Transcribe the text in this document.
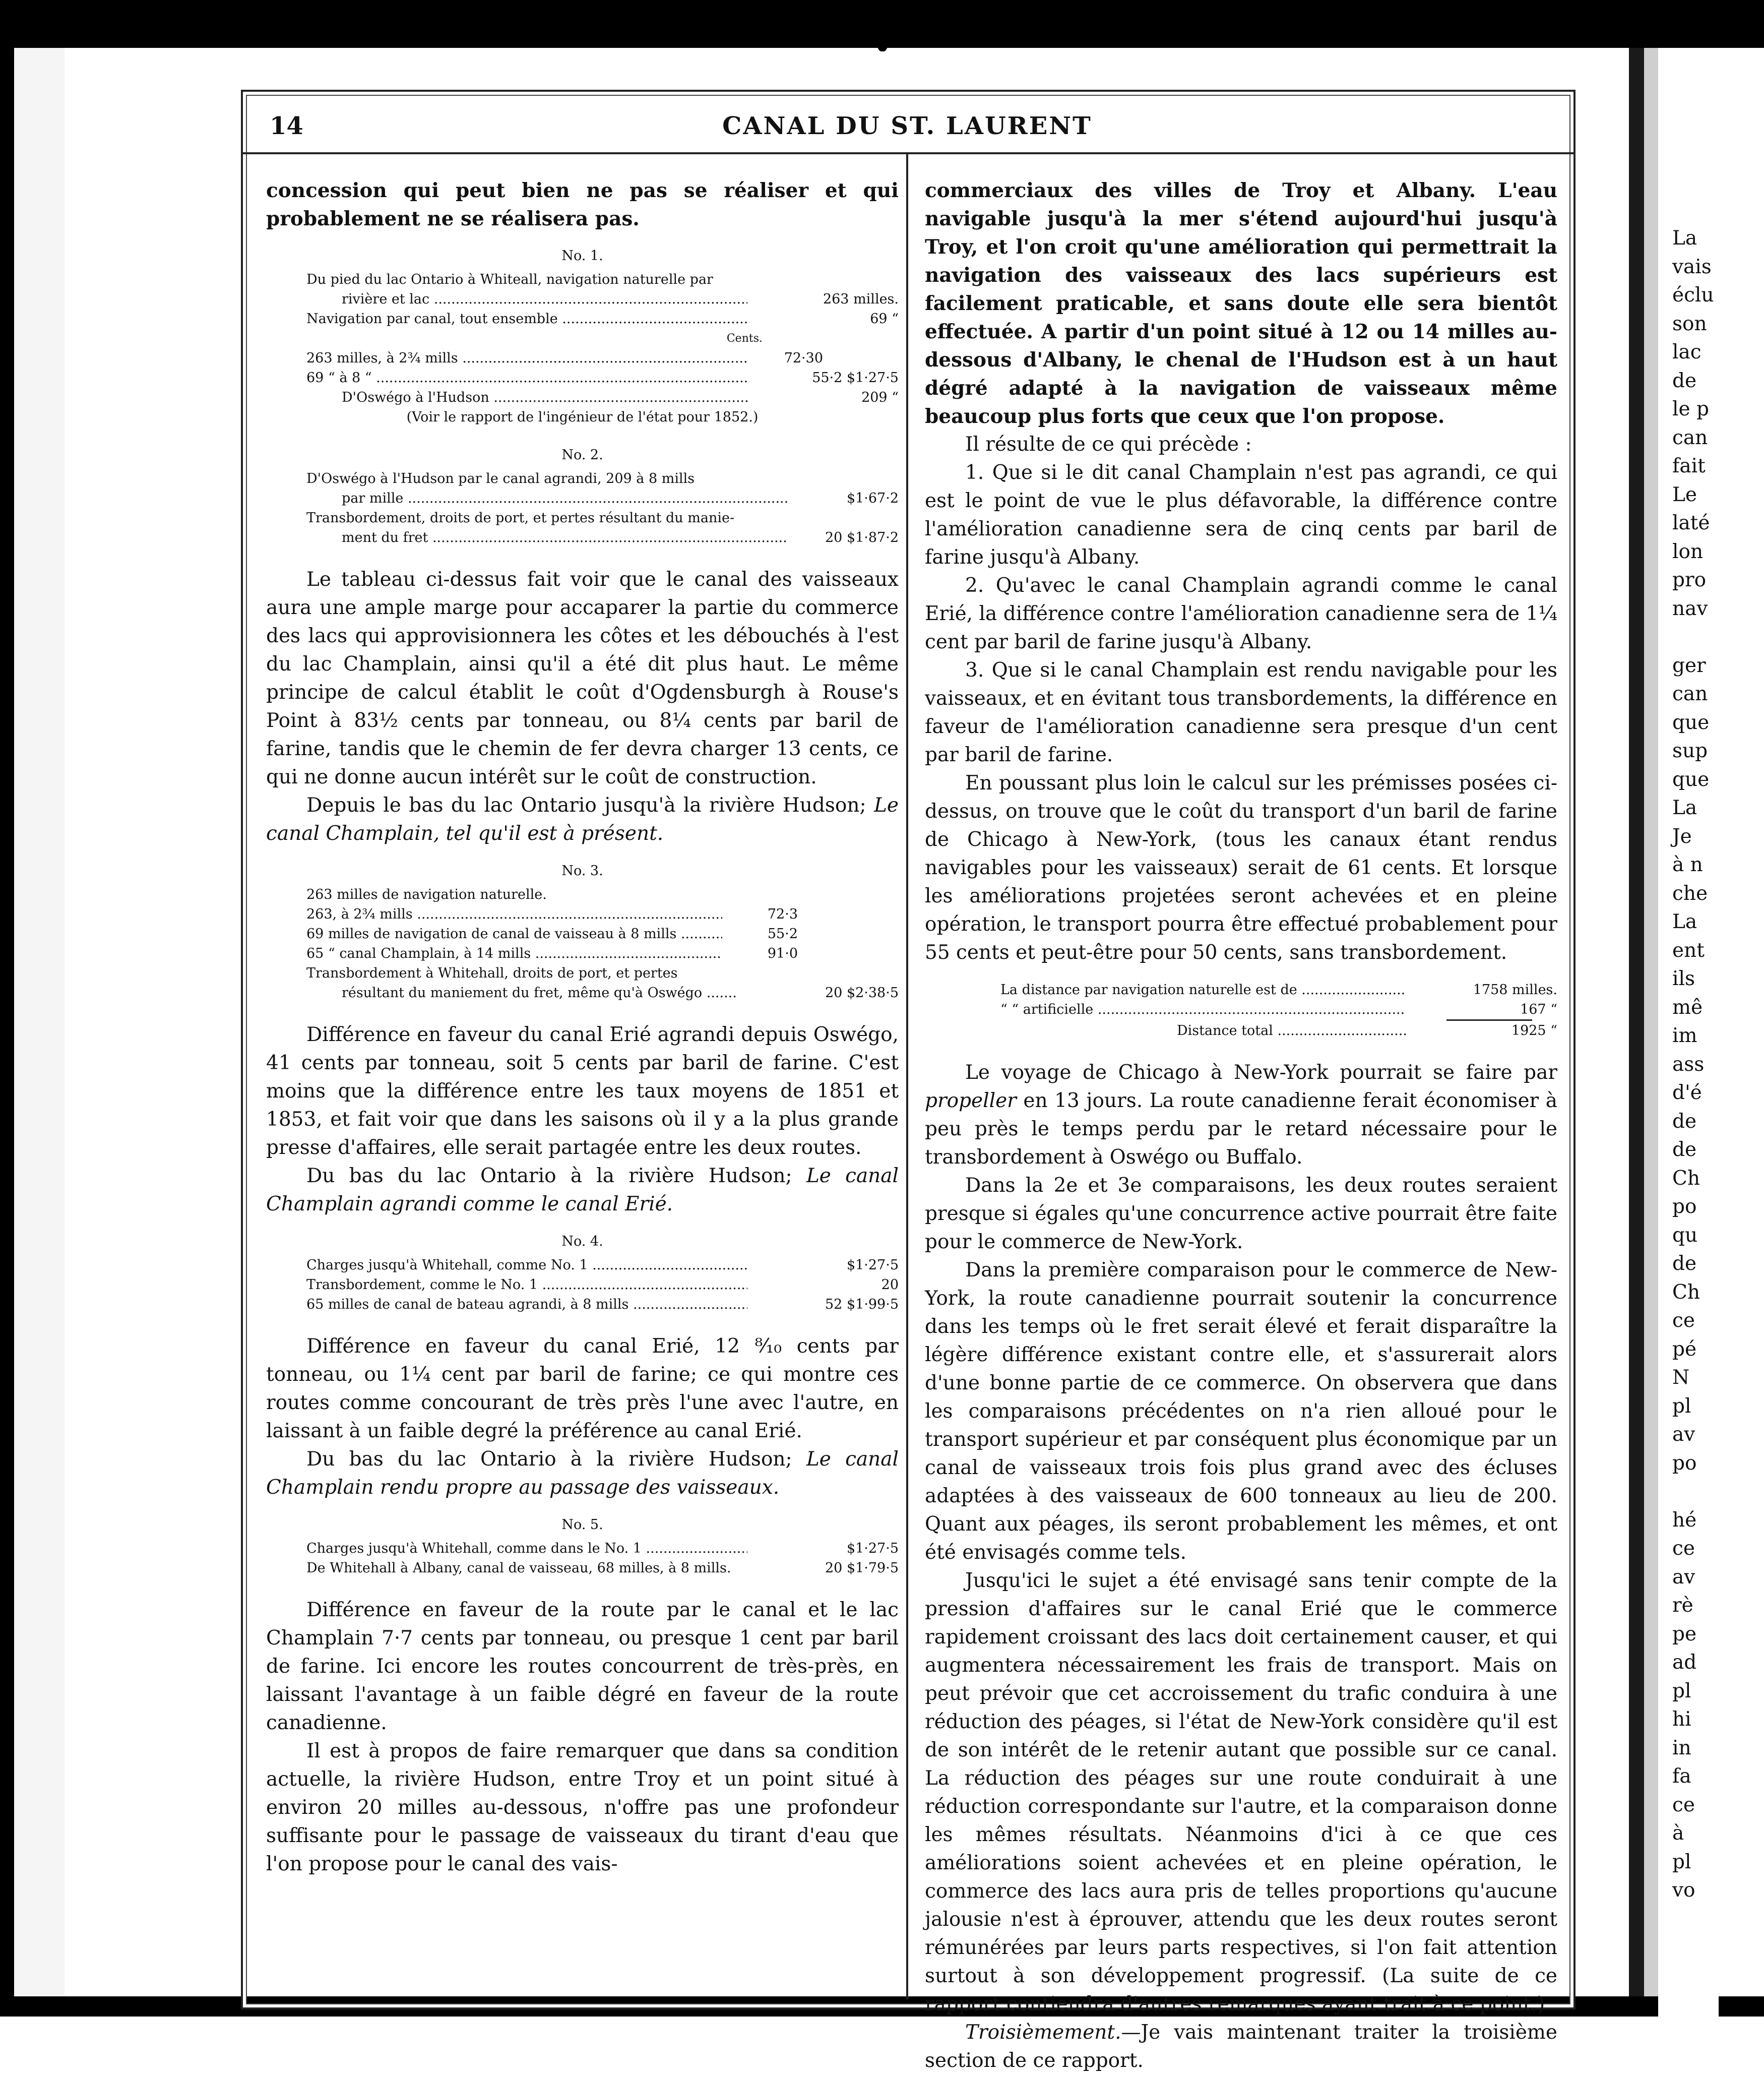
14	CANAL DU ST. LAURENT

concession qui peut bien ne pas se réaliser et qui probablement ne se réalisera pas.

No. 1.
Du pied du lac Ontario à Whiteall, navigation naturelle par
rivière et lac .....	263 milles.
Navigation par canal, tout ensemble .....	69 “
Cents.
263 milles, à 2¾ mills .....	72·30
69 “ à 8 “ .....	55·2 $1·27·5
D'Oswégo à l'Hudson .....	209 “
(Voir le rapport de l'ingénieur de l'état pour 1852.)
No. 2.
D'Oswégo à l'Hudson par le canal agrandi, 209 à 8 mills
par mille .....	$1·67·2
Transbordement, droits de port, et pertes résultant du manie-
ment du fret .....	20 $1·87·2

Le tableau ci-dessus fait voir que le canal des vaisseaux aura une ample marge pour accaparer la partie du commerce des lacs qui approvisionnera les côtes et les débouchés à l'est du lac Champlain, ainsi qu'il a été dit plus haut. Le même principe de calcul établit le coût d'Ogdensburgh à Rouse's Point à 83½ cents par tonneau, ou 8¼ cents par baril de farine, tandis que le chemin de fer devra charger 13 cents, ce qui ne donne aucun intérêt sur le coût de construction.

Depuis le bas du lac Ontario jusqu'à la rivière Hudson; Le canal Champlain, tel qu'il est à présent.

No. 3.
263 milles de navigation naturelle.
263, à 2¾ mills .....	72·3
69 milles de navigation de canal de vaisseau à 8 mills .....	55·2
65 “ canal Champlain, à 14 mills .....	91·0
Transbordement à Whitehall, droits de port, et pertes
résultant du maniement du fret, même qu'à Oswégo .....	20 $2·38·5

Différence en faveur du canal Erié agrandi depuis Oswégo, 41 cents par tonneau, soit 5 cents par baril de farine. C'est moins que la différence entre les taux moyens de 1851 et 1853, et fait voir que dans les saisons où il y a la plus grande presse d'affaires, elle serait partagée entre les deux routes.

Du bas du lac Ontario à la rivière Hudson; Le canal Champlain agrandi comme le canal Erié.

No. 4.
Charges jusqu'à Whitehall, comme No. 1 .....	$1·27·5
Transbordement, comme le No. 1 .....	20
65 milles de canal de bateau agrandi, à 8 mills .....	52 $1·99·5

Différence en faveur du canal Erié, 12 ⁸⁄₁₀ cents par tonneau, ou 1¼ cent par baril de farine; ce qui montre ces routes comme concourant de très près l'une avec l'autre, en laissant à un faible degré la préférence au canal Erié.

Du bas du lac Ontario à la rivière Hudson; Le canal Champlain rendu propre au passage des vaisseaux.

No. 5.
Charges jusqu'à Whitehall, comme dans le No. 1 .....	$1·27·5
De Whitehall à Albany, canal de vaisseau, 68 milles, à 8 mills.	20 $1·79·5

Différence en faveur de la route par le canal et le lac Champlain 7·7 cents par tonneau, ou presque 1 cent par baril de farine. Ici encore les routes concourrent de très-près, en laissant l'avantage à un faible dégré en faveur de la route canadienne.

Il est à propos de faire remarquer que dans sa condition actuelle, la rivière Hudson, entre Troy et un point situé à environ 20 milles au-dessous, n'offre pas une profondeur suffisante pour le passage de vaisseaux du tirant d'eau que l'on propose pour le canal des vais-

commerciaux des villes de Troy et Albany. L'eau navigable jusqu'à la mer s'étend aujourd'hui jusqu'à Troy, et l'on croit qu'une amélioration qui permettrait la navigation des vaisseaux des lacs supérieurs est facilement praticable, et sans doute elle sera bientôt effectuée. A partir d'un point situé à 12 ou 14 milles au-dessous d'Albany, le chenal de l'Hudson est à un haut dégré adapté à la navigation de vaisseaux même beaucoup plus forts que ceux que l'on propose.

Il résulte de ce qui précède :

1. Que si le dit canal Champlain n'est pas agrandi, ce qui est le point de vue le plus défavorable, la différence contre l'amélioration canadienne sera de cinq cents par baril de farine jusqu'à Albany.

2. Qu'avec le canal Champlain agrandi comme le canal Erié, la différence contre l'amélioration canadienne sera de 1¼ cent par baril de farine jusqu'à Albany.

3. Que si le canal Champlain est rendu navigable pour les vaisseaux, et en évitant tous transbordements, la différence en faveur de l'amélioration canadienne sera presque d'un cent par baril de farine.

En poussant plus loin le calcul sur les prémisses posées ci-dessus, on trouve que le coût du transport d'un baril de farine de Chicago à New-York, (tous les canaux étant rendus navigables pour les vaisseaux) serait de 61 cents. Et lorsque les améliorations projetées seront achevées et en pleine opération, le transport pourra être effectué probablement pour 55 cents et peut-être pour 50 cents, sans transbordement.

La distance par navigation naturelle est de .....	1758 milles.
“ “ artificielle .....	167 “
Distance total .....	1925 “

Le voyage de Chicago à New-York pourrait se faire par propeller en 13 jours. La route canadienne ferait économiser à peu près le temps perdu par le retard nécessaire pour le transbordement à Oswégo ou Buffalo.

Dans la 2e et 3e comparaisons, les deux routes seraient presque si égales qu'une concurrence active pourrait être faite pour le commerce de New-York.

Dans la première comparaison pour le commerce de New-York, la route canadienne pourrait soutenir la concurrence dans les temps où le fret serait élevé et ferait disparaître la légère différence existant contre elle, et s'assurerait alors d'une bonne partie de ce commerce. On observera que dans les comparaisons précédentes on n'a rien alloué pour le transport supérieur et par conséquent plus économique par un canal de vaisseaux trois fois plus grand avec des écluses adaptées à des vaisseaux de 600 tonneaux au lieu de 200. Quant aux péages, ils seront probablement les mêmes, et ont été envisagés comme tels.

Jusqu'ici le sujet a été envisagé sans tenir compte de la pression d'affaires sur le canal Erié que le commerce rapidement croissant des lacs doit certainement causer, et qui augmentera nécessairement les frais de transport. Mais on peut prévoir que cet accroissement du trafic conduira à une réduction des péages, si l'état de New-York considère qu'il est de son intérêt de le retenir autant que possible sur ce canal. La réduction des péages sur une route conduirait à une réduction correspondante sur l'autre, et la comparaison donne les mêmes résultats. Néanmoins d'ici à ce que ces améliorations soient achevées et en pleine opération, le commerce des lacs aura pris de telles proportions qu'aucune jalousie n'est à éprouver, attendu que les deux routes seront rémunérées par leurs parts respectives, si l'on fait attention surtout à son développement progressif. (La suite de ce rapport contiendra d'autres remarques ayant trait à ce point.)

Troisièmement.—Je vais maintenant traiter la troisième section de ce rapport.

La
vais
éclu
son
lac
de
le p
can
fait
Le
laté
lon
pro
nav

ger
can
que
sup
que
La
Je
à n
che
La
ent
ils
mê
im
ass
d'é
de
de
Ch
po
qu
de
Ch
ce
pé
N
pl
av
po

hé
ce
av
rè
pe
ad
pl
hi
in
fa
ce
à
pl
vo
